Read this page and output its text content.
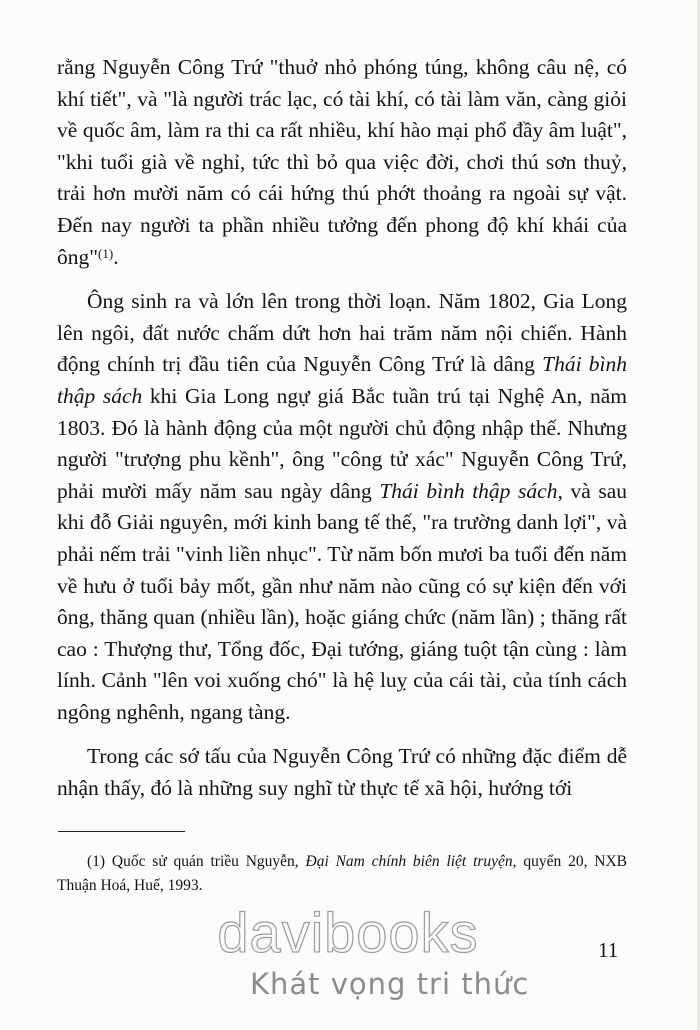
rằng Nguyễn Công Trứ "thuở nhỏ phóng túng, không câu nệ, có khí tiết", và "là người trác lạc, có tài khí, có tài làm văn, càng giỏi về quốc âm, làm ra thi ca rất nhiều, khí hào mại phổ đầy âm luật", "khi tuổi già về nghỉ, tức thì bỏ qua việc đời, chơi thú sơn thuỷ, trải hơn mười năm có cái hứng thú phớt thoảng ra ngoài sự vật. Đến nay người ta phần nhiều tưởng đến phong độ khí khái của ông"$^{(1)}$.

Ông sinh ra và lớn lên trong thời loạn. Năm 1802, Gia Long lên ngôi, đất nước chấm dứt hơn hai trăm năm nội chiến. Hành động chính trị đầu tiên của Nguyễn Công Trứ là dâng Thái bình thập sách khi Gia Long ngự giá Bắc tuần trú tại Nghệ An, năm 1803. Đó là hành động của một người chủ động nhập thế. Nhưng người "trượng phu kềnh", ông "công tử xác" Nguyễn Công Trứ, phải mười mấy năm sau ngày dâng Thái bình thập sách, và sau khi đỗ Giải nguyên, mới kinh bang tế thế, "ra trường danh lợi", và phải nếm trải "vinh liền nhục". Từ năm bốn mươi ba tuổi đến năm về hưu ở tuổi bảy mốt, gần như năm nào cũng có sự kiện đến với ông, thăng quan (nhiều lần), hoặc giáng chức (năm lần) ; thăng rất cao : Thượng thư, Tổng đốc, Đại tướng, giáng tuột tận cùng : làm lính. Cảnh "lên voi xuống chó" là hệ luỵ của cái tài, của tính cách ngông nghênh, ngang tàng.

Trong các sớ tấu của Nguyễn Công Trứ có những đặc điểm dễ nhận thấy, đó là những suy nghĩ từ thực tế xã hội, hướng tới

(1) Quốc sử quán triều Nguyễn, Đại Nam chính biên liệt truyện, quyển 20, NXB Thuận Hoá, Huế, 1993.
davibooks
Khát vọng tri thức
11
